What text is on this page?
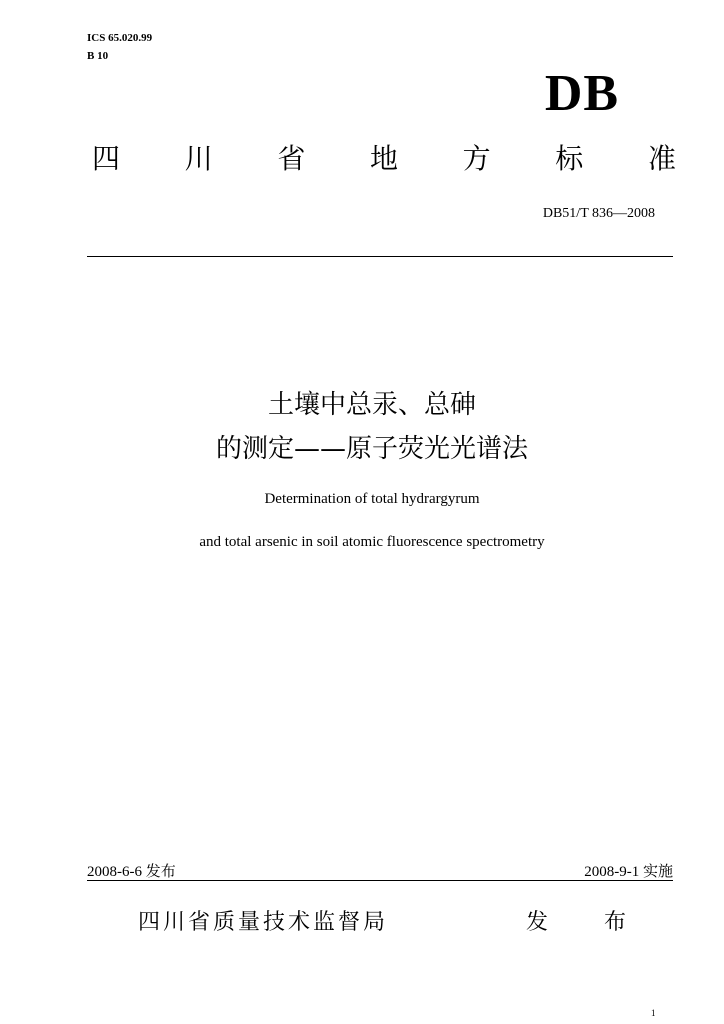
ICS 65.020.99
B 10
DB
四 川 省 地 方 标 准
DB51/T 836—2008
土壤中总汞、总砷
的测定——原子荧光光谱法
Determination of total hydrargyrum
and total arsenic in soil atomic fluorescence spectrometry
2008-6-6 发布	2008-9-1 实施
四川省质量技术监督局	发	布
1
